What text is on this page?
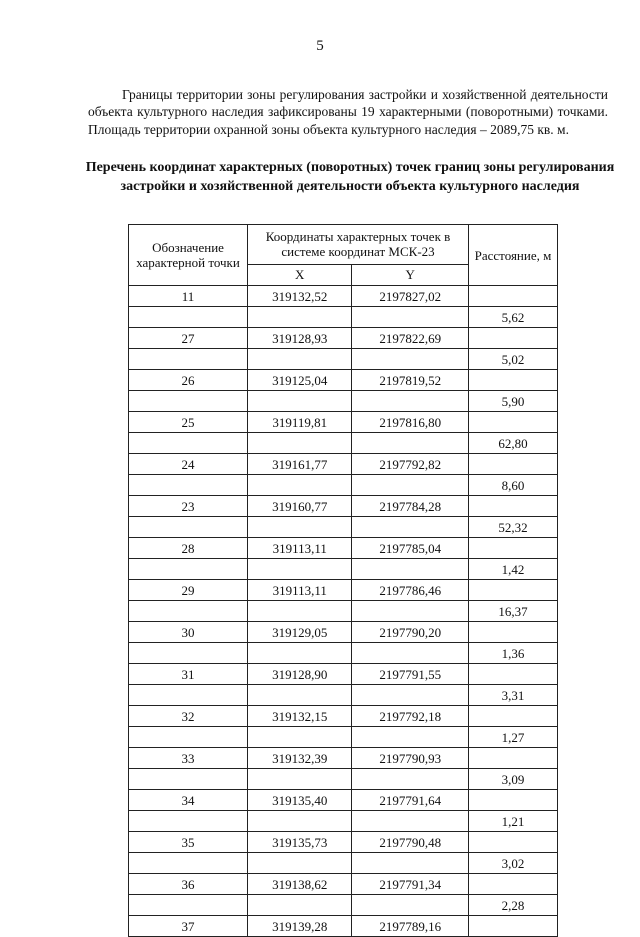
5

Границы территории зоны регулирования застройки и хозяйственной деятельности объекта культурного наследия зафиксированы 19 характерными (поворотными) точками. Площадь территории охранной зоны объекта культурного наследия – 2089,75 кв. м.

Перечень координат характерных (поворотных) точек границ зоны регулирования застройки и хозяйственной деятельности объекта культурного наследия
Обозначение характерной точки	Координаты характерных точек в системе координат МСК-23		Расстояние, м
	X	Y	
11	319132,52	2197827,02	
			5,62
27	319128,93	2197822,69	
			5,02
26	319125,04	2197819,52	
			5,90
25	319119,81	2197816,80	
			62,80
24	319161,77	2197792,82	
			8,60
23	319160,77	2197784,28	
			52,32
28	319113,11	2197785,04	
			1,42
29	319113,11	2197786,46	
			16,37
30	319129,05	2197790,20	
			1,36
31	319128,90	2197791,55	
			3,31
32	319132,15	2197792,18	
			1,27
33	319132,39	2197790,93	
			3,09
34	319135,40	2197791,64	
			1,21
35	319135,73	2197790,48	
			3,02
36	319138,62	2197791,34	
			2,28
37	319139,28	2197789,16	
